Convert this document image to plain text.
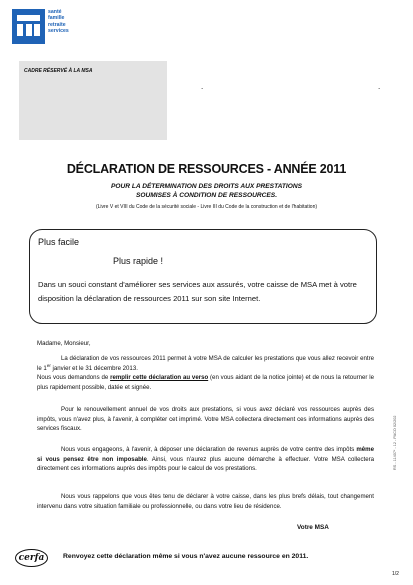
santé
famille
retraite
services
CADRE RÉSERVÉ À LA MSA
.	.
DÉCLARATION DE RESSOURCES - ANNÉE 2011
POUR LA DÉTERMINATION DES DROITS AUX PRESTATIONS
SOUMISES À CONDITION DE RESSOURCES.
(Livre V et VIII du Code de la sécurité sociale - Livre III du Code de la construction et de l'habitation)
Plus facile
Plus rapide !
Dans un souci constant d'améliorer ses services aux assurés, votre caisse de MSA met à votre disposition la déclaration de ressources 2011 sur son site Internet.
Madame, Monsieur,
La déclaration de vos ressources 2011 permet à votre MSA de calculer les prestations que vous allez recevoir entre le 1er janvier et le 31 décembre 2013.
Nous vous demandons de remplir cette déclaration au verso (en vous aidant de la notice jointe) et de nous la retourner le plus rapidement possible, datée et signée.
Pour le renouvellement annuel de vos droits aux prestations, si vous avez déclaré vos ressources auprès des impôts, vous n'avez plus, à l'avenir, à compléter cet imprimé. Votre MSA collectera directement ces informations auprès des services fiscaux.
Nous vous engageons, à l'avenir, à déposer une déclaration de revenus auprès de votre centre des impôts même si vous pensez être non imposable. Ainsi, vous n'aurez plus aucune démarche à effectuer. Votre MSA collectera directement ces informations auprès des impôts pour le calcul de vos prestations.
Nous vous rappelons que vous êtes tenu de déclarer à votre caisse, dans les plus brefs délais, tout changement intervenu dans votre situation familiale ou professionnelle, ou dans votre lieu de résidence.
Votre MSA
cerfa	Renvoyez cette déclaration même si vous n'avez aucune ressource en 2011.
1/2
RS - 11407* - 12 - PACO 02/202
